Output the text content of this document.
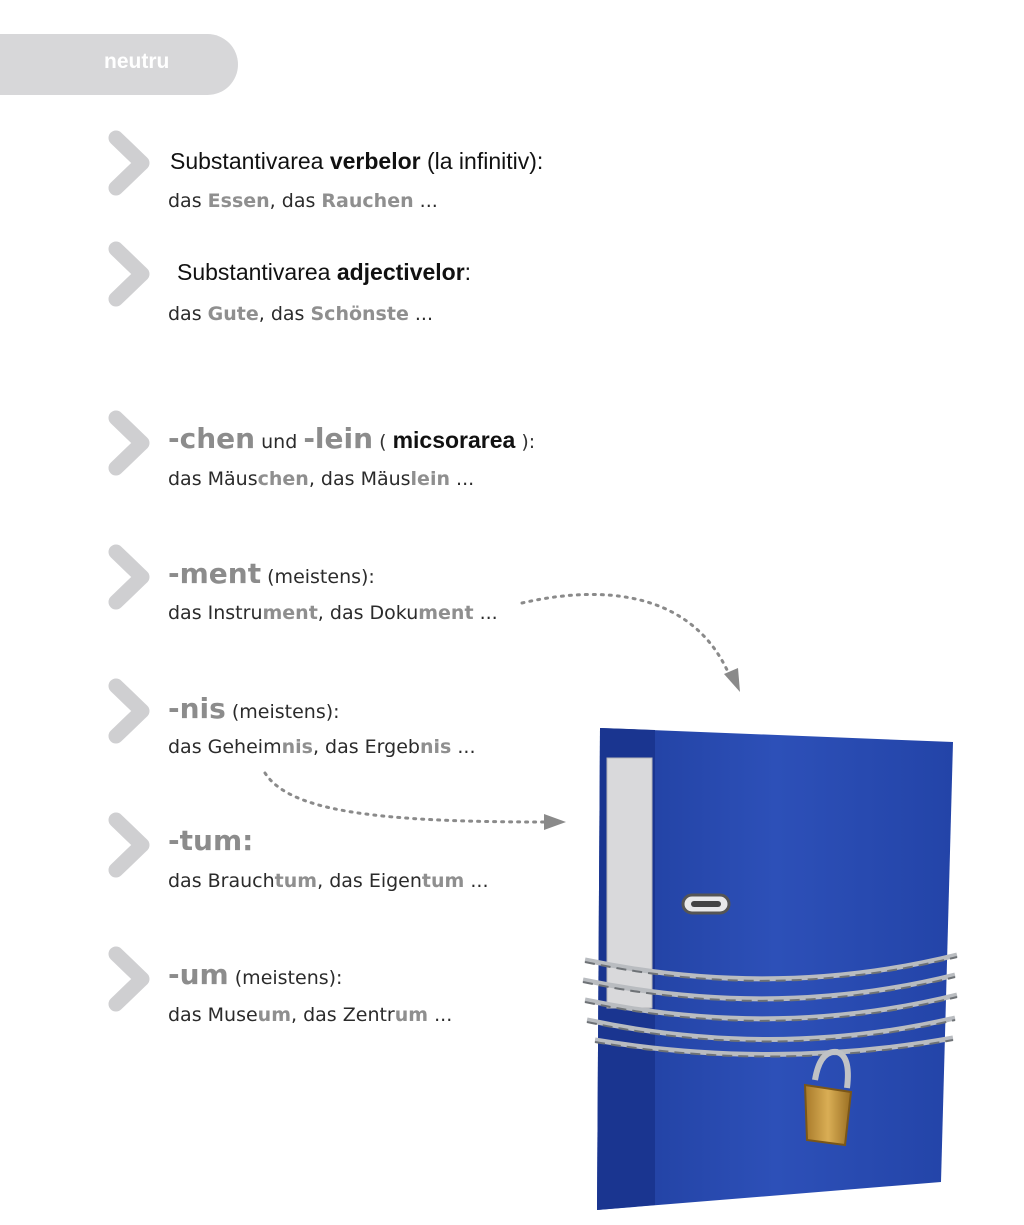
neutru
Substantivarea verbelor (la infinitiv):
das Essen, das Rauchen ...
Substantivarea adjectivelor:
das Gute, das Schönste ...
-chen und -lein ( micsorarea ):
das Mäuschen, das Mäuslein ...
-ment (meistens):
das Instrument, das Dokument ...
-nis (meistens):
das Geheimnis, das Ergebnis ...
-tum:
das Brauchtum, das Eigentum ...
-um (meistens):
das Museum, das Zentrum ...
